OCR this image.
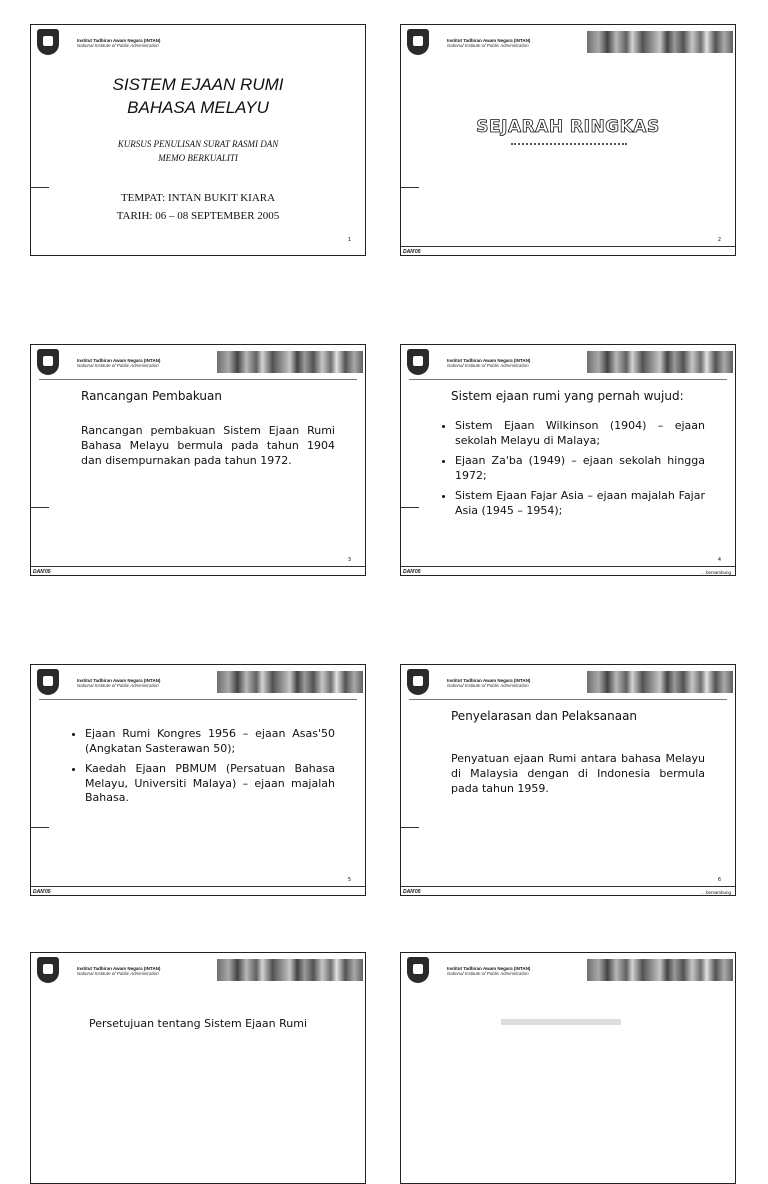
Institut Tadbiran Awam Negara (INTAN)
National Institute of Public Administration
SISTEM EJAAN RUMI
BAHASA MELAYU
KURSUS PENULISAN SURAT RASMI DAN
MEMO BERKUALITI
TEMPAT: INTAN BUKIT KIARA
TARIH: 06 – 08 SEPTEMBER 2005
1
Institut Tadbiran Awam Negara (INTAN)
National Institute of Public Administration
SEJARAH RINGKAS
2
DAN'05
Institut Tadbiran Awam Negara (INTAN)
National Institute of Public Administration
Rancangan Pembakuan
Rancangan pembakuan Sistem Ejaan Rumi Bahasa Melayu bermula pada tahun 1904 dan disempurnakan pada tahun 1972.
3
DAN'05
Institut Tadbiran Awam Negara (INTAN)
National Institute of Public Administration
Sistem ejaan rumi yang pernah wujud:
• Sistem Ejaan Wilkinson (1904) – ejaan sekolah Melayu di Malaya;
• Ejaan Za'ba (1949) – ejaan sekolah hingga 1972;
• Sistem Ejaan Fajar Asia – ejaan majalah Fajar Asia (1945 – 1954);
4
DAN'05	... bersambung
Institut Tadbiran Awam Negara (INTAN)
National Institute of Public Administration
• Ejaan Rumi Kongres 1956 – ejaan Asas'50 (Angkatan Sasterawan 50);
• Kaedah Ejaan PBMUM (Persatuan Bahasa Melayu, Universiti Malaya) – ejaan majalah Bahasa.
5
DAN'05
Institut Tadbiran Awam Negara (INTAN)
National Institute of Public Administration
Penyelarasan dan Pelaksanaan
Penyatuan ejaan Rumi antara bahasa Melayu di Malaysia dengan di Indonesia bermula pada tahun 1959.
6
DAN'05	... bersambung
Institut Tadbiran Awam Negara (INTAN)
National Institute of Public Administration
Persetujuan tentang Sistem Ejaan Rumi
Institut Tadbiran Awam Negara (INTAN)
National Institute of Public Administration
